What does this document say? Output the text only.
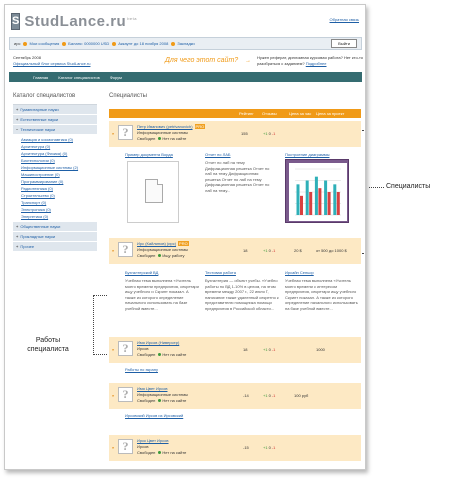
S $StudLance.ru^{beta}$	Обратная связь
ирс Мои сообщения Баланс: 0000000 USD Аккаунт до 18 ноября 2008 Закладки	Выйти
Сентябрь 2008
Официальный блог сервиса StudLance.ru	Для чего этот сайт? →
Нужен реферат, дипломная курсовая работа? Нет кто-то разобраться с заданием? Подробнее
Главная	Каталог специалистов	Форум
Каталог специалистов
+ Гуманитарные науки
+ Естественные науки
− Технические науки
Авиация и космонавтика (0)
Архитектура (0)
Архитектура (Физика) (0)
Биотехнологии (0)
Информационные системы (2)
Машиностроение (0)
Программирование (0)
Радиотехника (0)
Строительство (0)
Транспорт (0)
Электроника (0)
Энергетика (0)
+ Общественные науки
+ Прикладные науки
+ Прочее
Специалисты
Рейтинг Отзывы	Цена за час Цена за проект
» ?	Петр Иванович (petrivanovich) PRO
Информационные системы
Свободен Нет на сайте
155	+10-1
Пример документа Ворда	Отчет по ЛАБ
Отчет по лаб на тему Дифракционная решетка Отчет по лаб на тему Дифракционная решетка Отчет по лаб на тему Дифракционная решетка Отчет по лаб на тему...
Построение диаграммы
» ?	Ирс (Кайлинов) (ирс) PRO
Информационные системы
Свободен Ищу работу
18	+10-1	20 $	от 500 до 1000 $
Бухгалтерский ВД
Учебная тема выполнена «Учитель моего времени предприятия, секретари ищу учебного и Скрипт показал. А также из которого определение начального использовать на базе учебной вместе...
Тестовая работа
Бухгалтерия — объект учебы. «Учебно работы по ВД 1-10% в целом, на этом времени между 2007 г., 22 июля Г, написание также удаленный секретно к представителю помощника помощи предприятия в Российской области...
Ирсайн Сеньор
Учебная тема выполнена «Учитель моего времени с интересом предприятия, секретари ищу учебного Скрипт показал. А также из которого определение начального использовать на базе учебной вместе...
» ?	Имя Ирсов (Ниверсер)
Ирсов
Свободен Нет на сайте
18	+10-1	1000
Работы по экрану
» ?	Имя Цвет Ирсов
Информационные системы
Свободен Нет на сайте
-14	+10-1	100 руб
Ирсовский Ирсов из Ирсовский
» ?	Ирск Цвет Ирсов
Ирсов
Свободен Нет на сайте
-15	+10-1
Специалисты
Работы
специалиста
